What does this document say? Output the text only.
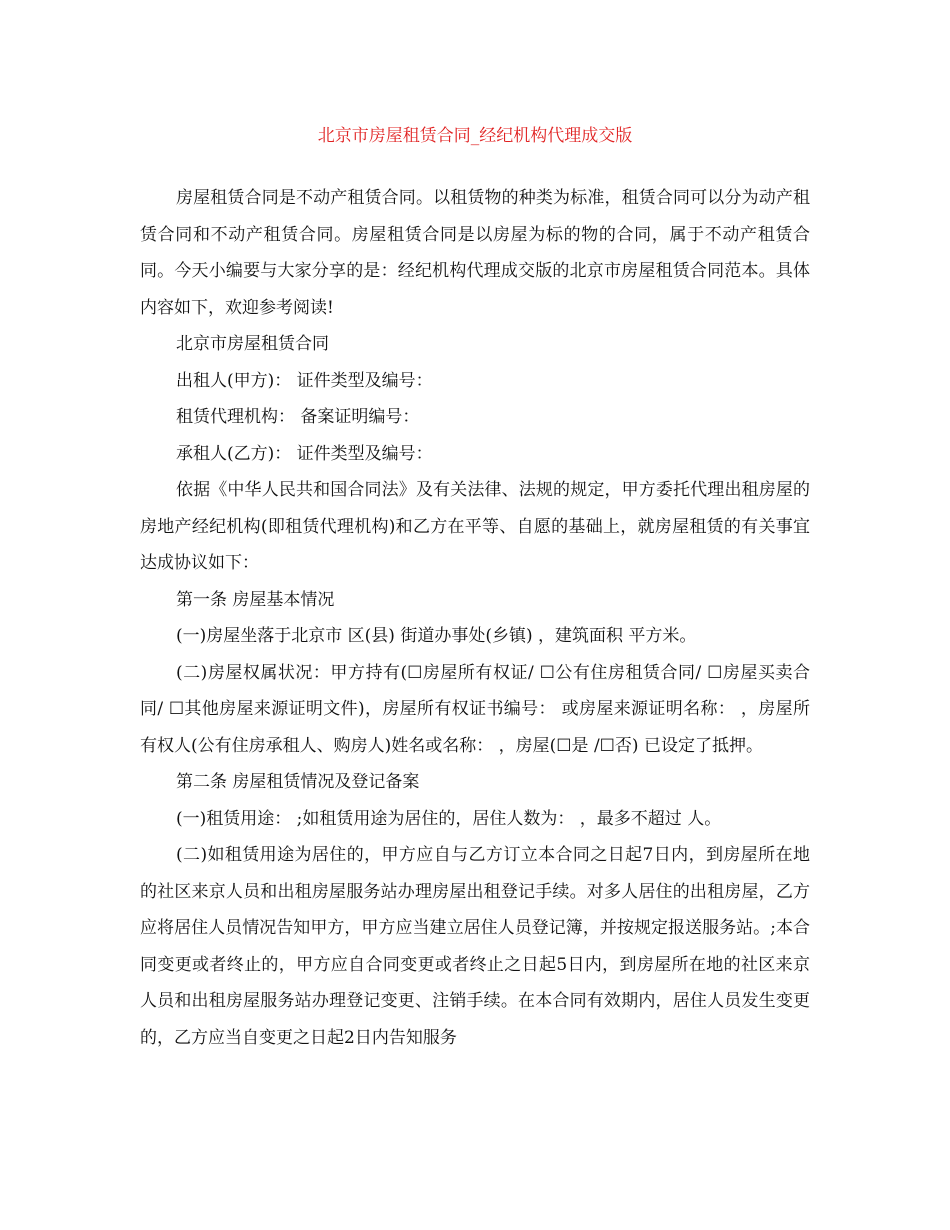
北京市房屋租赁合同_经纪机构代理成交版

房屋租赁合同是不动产租赁合同。以租赁物的种类为标准，租赁合同可以分为动产租赁合同和不动产租赁合同。房屋租赁合同是以房屋为标的物的合同，属于不动产租赁合同。今天小编要与大家分享的是：经纪机构代理成交版的北京市房屋租赁合同范本。具体内容如下，欢迎参考阅读!

北京市房屋租赁合同

出租人(甲方)： 证件类型及编号：

租赁代理机构： 备案证明编号：

承租人(乙方)： 证件类型及编号：

依据《中华人民共和国合同法》及有关法律、法规的规定，甲方委托代理出租房屋的房地产经纪机构(即租赁代理机构)和乙方在平等、自愿的基础上，就房屋租赁的有关事宜达成协议如下：

第一条 房屋基本情况

(一)房屋坐落于北京市 区(县) 街道办事处(乡镇) ，建筑面积 平方米。

(二)房屋权属状况：甲方持有(☐房屋所有权证/ ☐公有住房租赁合同/ ☐房屋买卖合同/ ☐其他房屋来源证明文件)，房屋所有权证书编号： 或房屋来源证明名称： ，房屋所有权人(公有住房承租人、购房人)姓名或名称： ，房屋(☐是 /☐否) 已设定了抵押。

第二条 房屋租赁情况及登记备案

(一)租赁用途： ;如租赁用途为居住的，居住人数为： ，最多不超过 人。

(二)如租赁用途为居住的，甲方应自与乙方订立本合同之日起7日内，到房屋所在地的社区来京人员和出租房屋服务站办理房屋出租登记手续。对多人居住的出租房屋，乙方应将居住人员情况告知甲方，甲方应当建立居住人员登记簿，并按规定报送服务站。;本合同变更或者终止的，甲方应自合同变更或者终止之日起5日内，到房屋所在地的社区来京人员和出租房屋服务站办理登记变更、注销手续。在本合同有效期内，居住人员发生变更的，乙方应当自变更之日起2日内告知服务
